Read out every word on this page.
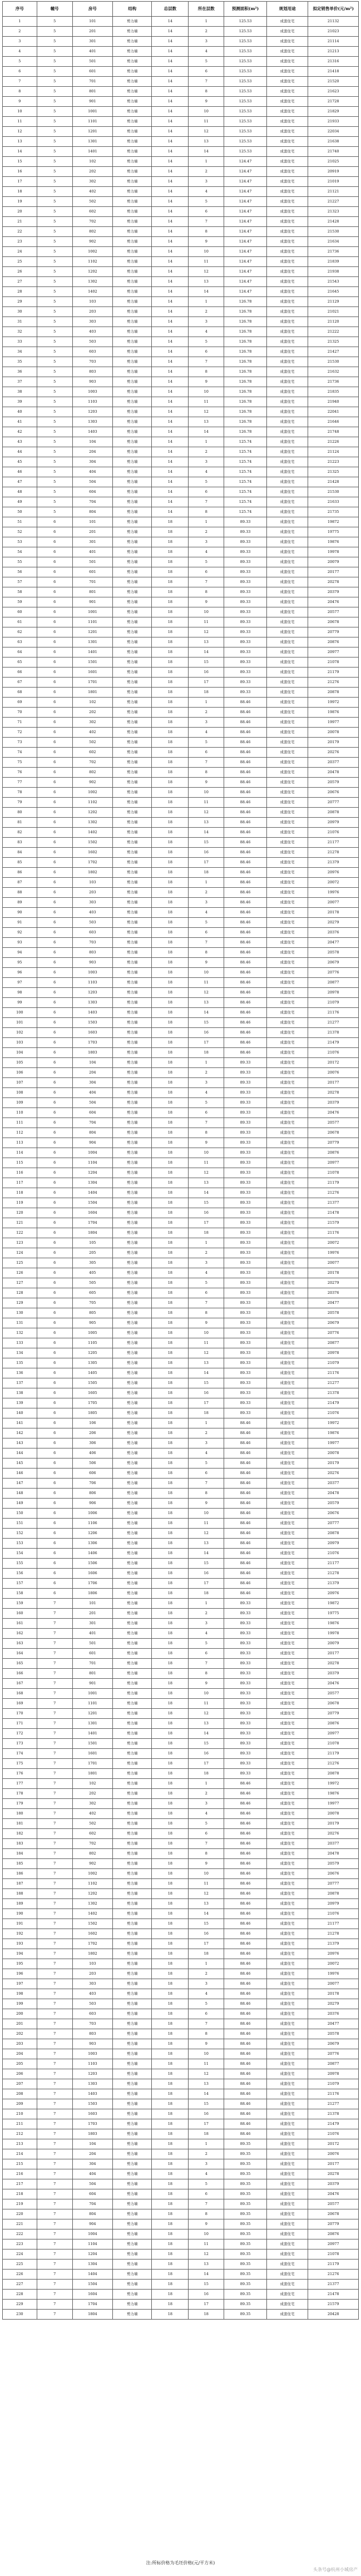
序号	幢号	房号	结构	总层数	所在层数	预测面积(m²)	规划用途	拟定销售单价(元/m²)
1	5	101	剪力墙	14	1	125.53	成套住宅	21132
2	5	201	剪力墙	14	2	125.53	成套住宅	21023
3	5	301	剪力墙	14	3	125.53	成套住宅	21114
4	5	401	剪力墙	14	4	125.53	成套住宅	21213
5	5	501	剪力墙	14	5	125.53	成套住宅	21316
6	5	601	剪力墙	14	6	125.53	成套住宅	21418
7	5	701	剪力墙	14	7	125.53	成套住宅	21520
8	5	801	剪力墙	14	8	125.53	成套住宅	21623
9	5	901	剪力墙	14	9	125.53	成套住宅	21728
10	5	1001	剪力墙	14	10	125.53	成套住宅	21829
11	5	1101	剪力墙	14	11	125.53	成套住宅	21933
12	5	1201	剪力墙	14	12	125.53	成套住宅	22034
13	5	1301	剪力墙	14	13	125.53	成套住宅	21638
14	5	1401	剪力墙	14	14	125.53	成套住宅	21740
15	5	102	剪力墙	14	1	124.47	成套住宅	21025
16	5	202	剪力墙	14	2	124.47	成套住宅	20919
17	5	302	剪力墙	14	3	124.47	成套住宅	21019
18	5	402	剪力墙	14	4	124.47	成套住宅	21121
19	5	502	剪力墙	14	5	124.47	成套住宅	21227
20	5	602	剪力墙	14	6	124.47	成套住宅	21323
21	5	702	剪力墙	14	7	124.47	成套住宅	21428
22	5	802	剪力墙	14	8	124.47	成套住宅	21530
23	5	902	剪力墙	14	9	124.47	成套住宅	21634
24	5	1002	剪力墙	14	10	124.47	成套住宅	21736
25	5	1102	剪力墙	14	11	124.47	成套住宅	21839
26	5	1202	剪力墙	14	12	124.47	成套住宅	21938
27	5	1302	剪力墙	14	13	124.47	成套住宅	21543
28	5	1402	剪力墙	14	14	124.47	成套住宅	21645
29	5	103	剪力墙	14	1	126.78	成套住宅	21129
30	5	203	剪力墙	14	2	126.78	成套住宅	21021
31	5	303	剪力墙	14	3	126.78	成套住宅	21120
32	5	403	剪力墙	14	4	126.78	成套住宅	21222
33	5	503	剪力墙	14	5	126.78	成套住宅	21325
34	5	603	剪力墙	14	6	126.78	成套住宅	21427
35	5	703	剪力墙	14	7	126.78	成套住宅	21530
36	5	803	剪力墙	14	8	126.78	成套住宅	21632
37	5	903	剪力墙	14	9	126.78	成套住宅	21736
38	5	1003	剪力墙	14	10	126.78	成套住宅	21835
39	5	1103	剪力墙	14	11	126.78	成套住宅	21940
40	5	1203	剪力墙	14	12	126.78	成套住宅	22041
41	5	1303	剪力墙	14	13	126.78	成套住宅	21646
42	5	1403	剪力墙	14	14	126.78	成套住宅	21748
43	5	104	剪力墙	14	1	125.74	成套住宅	21226
44	5	204	剪力墙	14	2	125.74	成套住宅	21124
45	5	304	剪力墙	14	3	125.74	成套住宅	21223
46	5	404	剪力墙	14	4	125.74	成套住宅	21325
47	5	504	剪力墙	14	5	125.74	成套住宅	21428
48	5	604	剪力墙	14	6	125.74	成套住宅	21530
49	5	704	剪力墙	14	7	125.74	成套住宅	21633
50	5	804	剪力墙	14	8	125.74	成套住宅	21735
51	6	101	剪力墙	18	1	89.33	成套住宅	19872
52	6	201	剪力墙	18	2	89.33	成套住宅	19775
53	6	301	剪力墙	18	3	89.33	成套住宅	19876
54	6	401	剪力墙	18	4	89.33	成套住宅	19978
55	6	501	剪力墙	18	5	89.33	成套住宅	20079
56	6	601	剪力墙	18	6	89.33	成套住宅	20177
57	6	701	剪力墙	18	7	89.33	成套住宅	20278
58	6	801	剪力墙	18	8	89.33	成套住宅	20379
59	6	901	剪力墙	18	9	89.33	成套住宅	20476
60	6	1001	剪力墙	18	10	89.33	成套住宅	20577
61	6	1101	剪力墙	18	11	89.33	成套住宅	20678
62	6	1201	剪力墙	18	12	89.33	成套住宅	20779
63	6	1301	剪力墙	18	13	89.33	成套住宅	20876
64	6	1401	剪力墙	18	14	89.33	成套住宅	20977
65	6	1501	剪力墙	18	15	89.33	成套住宅	21078
66	6	1601	剪力墙	18	16	89.33	成套住宅	21179
67	6	1701	剪力墙	18	17	89.33	成套住宅	21276
68	6	1801	剪力墙	18	18	89.33	成套住宅	20878
69	6	102	剪力墙	18	1	88.46	成套住宅	19972
70	6	202	剪力墙	18	2	88.46	成套住宅	19876
71	6	302	剪力墙	18	3	88.46	成套住宅	19977
72	6	402	剪力墙	18	4	88.46	成套住宅	20078
73	6	502	剪力墙	18	5	88.46	成套住宅	20179
74	6	602	剪力墙	18	6	88.46	成套住宅	20276
75	6	702	剪力墙	18	7	88.46	成套住宅	20377
76	6	802	剪力墙	18	8	88.46	成套住宅	20478
77	6	902	剪力墙	18	9	88.46	成套住宅	20579
78	6	1002	剪力墙	18	10	88.46	成套住宅	20676
79	6	1102	剪力墙	18	11	88.46	成套住宅	20777
80	6	1202	剪力墙	18	12	88.46	成套住宅	20878
81	6	1302	剪力墙	18	13	88.46	成套住宅	20979
82	6	1402	剪力墙	18	14	88.46	成套住宅	21076
83	6	1502	剪力墙	18	15	88.46	成套住宅	21177
84	6	1602	剪力墙	18	16	88.46	成套住宅	21278
85	6	1702	剪力墙	18	17	88.46	成套住宅	21379
86	6	1802	剪力墙	18	18	88.46	成套住宅	20976
87	6	103	剪力墙	18	1	88.46	成套住宅	20072
88	6	203	剪力墙	18	2	88.46	成套住宅	19976
89	6	303	剪力墙	18	3	88.46	成套住宅	20077
90	6	403	剪力墙	18	4	88.46	成套住宅	20178
91	6	503	剪力墙	18	5	88.46	成套住宅	20279
92	6	603	剪力墙	18	6	88.46	成套住宅	20376
93	6	703	剪力墙	18	7	88.46	成套住宅	20477
94	6	803	剪力墙	18	8	88.46	成套住宅	20578
95	6	903	剪力墙	18	9	88.46	成套住宅	20679
96	6	1003	剪力墙	18	10	88.46	成套住宅	20776
97	6	1103	剪力墙	18	11	88.46	成套住宅	20877
98	6	1203	剪力墙	18	12	88.46	成套住宅	20978
99	6	1303	剪力墙	18	13	88.46	成套住宅	21079
100	6	1403	剪力墙	18	14	88.46	成套住宅	21176
101	6	1503	剪力墙	18	15	88.46	成套住宅	21277
102	6	1603	剪力墙	18	16	88.46	成套住宅	21378
103	6	1703	剪力墙	18	17	88.46	成套住宅	21479
104	6	1803	剪力墙	18	18	88.46	成套住宅	21076
105	6	104	剪力墙	18	1	89.33	成套住宅	20172
106	6	204	剪力墙	18	2	89.33	成套住宅	20076
107	6	304	剪力墙	18	3	89.33	成套住宅	20177
108	6	404	剪力墙	18	4	89.33	成套住宅	20278
109	6	504	剪力墙	18	5	89.33	成套住宅	20379
110	6	604	剪力墙	18	6	89.33	成套住宅	20476
111	6	704	剪力墙	18	7	89.33	成套住宅	20577
112	6	804	剪力墙	18	8	89.33	成套住宅	20678
113	6	904	剪力墙	18	9	89.33	成套住宅	20779
114	6	1004	剪力墙	18	10	89.33	成套住宅	20876
115	6	1104	剪力墙	18	11	89.33	成套住宅	20977
116	6	1204	剪力墙	18	12	89.33	成套住宅	21078
117	6	1304	剪力墙	18	13	89.33	成套住宅	21179
118	6	1404	剪力墙	18	14	89.33	成套住宅	21276
119	6	1504	剪力墙	18	15	89.33	成套住宅	21377
120	6	1604	剪力墙	18	16	89.33	成套住宅	21478
121	6	1704	剪力墙	18	17	89.33	成套住宅	21579
122	6	1804	剪力墙	18	18	89.33	成套住宅	21176
123	6	105	剪力墙	18	1	89.33	成套住宅	20072
124	6	205	剪力墙	18	2	89.33	成套住宅	19976
125	6	305	剪力墙	18	3	89.33	成套住宅	20077
126	6	405	剪力墙	18	4	89.33	成套住宅	20178
127	6	505	剪力墙	18	5	89.33	成套住宅	20279
128	6	605	剪力墙	18	6	89.33	成套住宅	20376
129	6	705	剪力墙	18	7	89.33	成套住宅	20477
130	6	805	剪力墙	18	8	89.33	成套住宅	20578
131	6	905	剪力墙	18	9	89.33	成套住宅	20679
132	6	1005	剪力墙	18	10	89.33	成套住宅	20776
133	6	1105	剪力墙	18	11	89.33	成套住宅	20877
134	6	1205	剪力墙	18	12	89.33	成套住宅	20978
135	6	1305	剪力墙	18	13	89.33	成套住宅	21079
136	6	1405	剪力墙	18	14	89.33	成套住宅	21176
137	6	1505	剪力墙	18	15	89.33	成套住宅	21277
138	6	1605	剪力墙	18	16	89.33	成套住宅	21378
139	6	1705	剪力墙	18	17	89.33	成套住宅	21479
140	6	1805	剪力墙	18	18	89.33	成套住宅	21076
141	6	106	剪力墙	18	1	88.46	成套住宅	19972
142	6	206	剪力墙	18	2	88.46	成套住宅	19876
143	6	306	剪力墙	18	3	88.46	成套住宅	19977
144	6	406	剪力墙	18	4	88.46	成套住宅	20078
145	6	506	剪力墙	18	5	88.46	成套住宅	20179
146	6	606	剪力墙	18	6	88.46	成套住宅	20276
147	6	706	剪力墙	18	7	88.46	成套住宅	20377
148	6	806	剪力墙	18	8	88.46	成套住宅	20478
149	6	906	剪力墙	18	9	88.46	成套住宅	20579
150	6	1006	剪力墙	18	10	88.46	成套住宅	20676
151	6	1106	剪力墙	18	11	88.46	成套住宅	20777
152	6	1206	剪力墙	18	12	88.46	成套住宅	20878
153	6	1306	剪力墙	18	13	88.46	成套住宅	20979
154	6	1406	剪力墙	18	14	88.46	成套住宅	21076
155	6	1506	剪力墙	18	15	88.46	成套住宅	21177
156	6	1606	剪力墙	18	16	88.46	成套住宅	21278
157	6	1706	剪力墙	18	17	88.46	成套住宅	21379
158	6	1806	剪力墙	18	18	88.46	成套住宅	20976
159	7	101	剪力墙	18	1	89.33	成套住宅	19872
160	7	201	剪力墙	18	2	89.33	成套住宅	19775
161	7	301	剪力墙	18	3	89.33	成套住宅	19876
162	7	401	剪力墙	18	4	89.33	成套住宅	19978
163	7	501	剪力墙	18	5	89.33	成套住宅	20079
164	7	601	剪力墙	18	6	89.33	成套住宅	20177
165	7	701	剪力墙	18	7	89.33	成套住宅	20278
166	7	801	剪力墙	18	8	89.33	成套住宅	20379
167	7	901	剪力墙	18	9	89.33	成套住宅	20476
168	7	1001	剪力墙	18	10	89.33	成套住宅	20577
169	7	1101	剪力墙	18	11	89.33	成套住宅	20678
170	7	1201	剪力墙	18	12	89.33	成套住宅	20779
171	7	1301	剪力墙	18	13	89.33	成套住宅	20876
172	7	1401	剪力墙	18	14	89.33	成套住宅	20977
173	7	1501	剪力墙	18	15	89.33	成套住宅	21078
174	7	1601	剪力墙	18	16	89.33	成套住宅	21179
175	7	1701	剪力墙	18	17	89.33	成套住宅	21276
176	7	1801	剪力墙	18	18	89.33	成套住宅	20878
177	7	102	剪力墙	18	1	88.46	成套住宅	19972
178	7	202	剪力墙	18	2	88.46	成套住宅	19876
179	7	302	剪力墙	18	3	88.46	成套住宅	19977
180	7	402	剪力墙	18	4	88.46	成套住宅	20078
181	7	502	剪力墙	18	5	88.46	成套住宅	20179
182	7	602	剪力墙	18	6	88.46	成套住宅	20276
183	7	702	剪力墙	18	7	88.46	成套住宅	20377
184	7	802	剪力墙	18	8	88.46	成套住宅	20478
185	7	902	剪力墙	18	9	88.46	成套住宅	20579
186	7	1002	剪力墙	18	10	88.46	成套住宅	20676
187	7	1102	剪力墙	18	11	88.46	成套住宅	20777
188	7	1202	剪力墙	18	12	88.46	成套住宅	20878
189	7	1302	剪力墙	18	13	88.46	成套住宅	20979
190	7	1402	剪力墙	18	14	88.46	成套住宅	21076
191	7	1502	剪力墙	18	15	88.46	成套住宅	21177
192	7	1602	剪力墙	18	16	88.46	成套住宅	21278
193	7	1702	剪力墙	18	17	88.46	成套住宅	21379
194	7	1802	剪力墙	18	18	88.46	成套住宅	20976
195	7	103	剪力墙	18	1	88.46	成套住宅	20072
196	7	203	剪力墙	18	2	88.46	成套住宅	19976
197	7	303	剪力墙	18	3	88.46	成套住宅	20077
198	7	403	剪力墙	18	4	88.46	成套住宅	20178
199	7	503	剪力墙	18	5	88.46	成套住宅	20279
200	7	603	剪力墙	18	6	88.46	成套住宅	20376
201	7	703	剪力墙	18	7	88.46	成套住宅	20477
202	7	803	剪力墙	18	8	88.46	成套住宅	20578
203	7	903	剪力墙	18	9	88.46	成套住宅	20679
204	7	1003	剪力墙	18	10	88.46	成套住宅	20776
205	7	1103	剪力墙	18	11	88.46	成套住宅	20877
206	7	1203	剪力墙	18	12	88.46	成套住宅	20978
207	7	1303	剪力墙	18	13	88.46	成套住宅	21079
208	7	1403	剪力墙	18	14	88.46	成套住宅	21176
209	7	1503	剪力墙	18	15	88.46	成套住宅	21277
210	7	1603	剪力墙	18	16	88.46	成套住宅	21378
211	7	1703	剪力墙	18	17	88.46	成套住宅	21479
212	7	1803	剪力墙	18	18	88.46	成套住宅	21076
213	7	104	剪力墙	18	1	89.35	成套住宅	20172
214	7	204	剪力墙	18	2	89.35	成套住宅	20076
215	7	304	剪力墙	18	3	89.35	成套住宅	20177
216	7	404	剪力墙	18	4	89.35	成套住宅	20278
217	7	504	剪力墙	18	5	89.35	成套住宅	20379
218	7	604	剪力墙	18	6	89.35	成套住宅	20476
219	7	704	剪力墙	18	7	89.35	成套住宅	20577
220	7	804	剪力墙	18	8	89.35	成套住宅	20678
221	7	904	剪力墙	18	9	89.35	成套住宅	20779
222	7	1004	剪力墙	18	10	89.35	成套住宅	20876
223	7	1104	剪力墙	18	11	89.35	成套住宅	20977
224	7	1204	剪力墙	18	12	89.35	成套住宅	21078
225	7	1304	剪力墙	18	13	89.35	成套住宅	21179
226	7	1404	剪力墙	18	14	89.35	成套住宅	21276
227	7	1504	剪力墙	18	15	89.35	成套住宅	21377
228	7	1604	剪力墙	18	16	89.35	成套住宅	21478
229	7	1704	剪力墙	18	17	89.35	成套住宅	21579
230	7	1804	剪力墙	18	18	89.35	成套住宅	20428
注:所标价格为毛坯价格(元/平方米)
头条号@杭州小城房产
